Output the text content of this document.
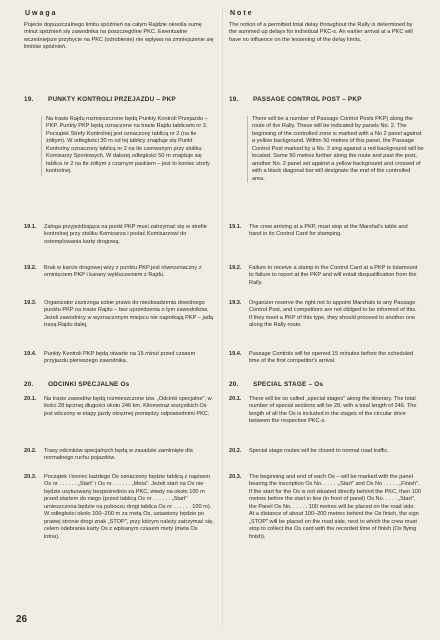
Uwaga

Pojecie dopuszczalnego limitu spóźnień na całym Rajdzie określa sumę minut spóźnień się zawodnika na poszczególne PKC. Ewentualne wcześniejsze przybycie na PKC (odrobienie) nie wpływa na zmniejszenie się limitów spóźnień.

19. PUNKTY KONTROLI PRZEJAZDU – PKP

Na trasie Rajdu rozmieszczone będą Punkty Kontroli Przejazdu – PKP. Punkty PKP będą oznaczone na trasie Rajdu tablicami nr 2. Początek Strefy Kontrolnej jest oznaczony tablicą nr 2 (na tle żółtym). W odległości 30 m od tej tablicy znajduje się Punkt Kontrolny oznaczony tablicą nr 2 na tle czerwonym przy stoliku Komisarzy Sportowych. W dalszej odległości 50 m znajduje się tablica nr 2 na tle żółtym z czarnym paskiem – jest to koniec strefy kontrolnej.

19.1.	Załoga przyjeżdżająca na punkt PKP musi zatrzymać się w strefie kontrolnej przy stoliku Komisarza i podać Komisarzowi do ostemplowania kartę drogową.
19.2.	Brak w karcie drogowej wizy z punktu PKP jest równoznaczny z ominięciem PKP i karany wykluczeniem z Rajdu.
19.3.	Organizator zastrzega sobie prawo do nieobsadzenia dowolnego punktu PKP na trasie Rajdu – bez uprzedzenia o tym zawodników. Jeżeli zawodnicy w wyznaczonym miejscu nie napotkają PKP – jadą trasą Rajdu dalej.
19.4.	Punkty Kontroli PKP będą otwarte na 15 minut przed czasem przyjazdu pierwszego zawodnika.
20. ODCINKI SPECJALNE Os
20.1.	Na trasie zawodów będą rozmieszczone tzw. „Odcinki specjalne", w ilości 28 łącznej długości około 246 km. Kilometraż wszystkich Os jest wliczony w etapy jazdy okrężnej pomiędzy odpowiednimi PKC.
20.2.	Trasy odcinków specjalnych będą w zasadzie zamknięte dla normalnego ruchu pojazdów.
20.3.	Początek i koniec każdego Os oznaczony będzie tablicą z napisem Os nr . . . . . . „Start" i Os nr . . . . . . „Meta". Jeżeli start na Os nie będzie usytuowany bezpośrednio za PKC, wtedy na około 100 m przed startem do niego (przed tablicą Os nr . . . . . . „Start" umieszczona będzie na poboczu drogi tablica Os nr . . . . . . 100 m). W odległości około 100–200 m za metą Os, ustawiony będzie po prawej stronie drogi znak „STOP", przy którym należy zatrzymać się, celem odebrania karty Os z wpisanym czasem mety (meta Os lotna).
Note

The notion of a permitted total delay throughout the Rally is determined by the summed up delays for individual PKC-s. An earlier arrival at a PKC will have no influence on the lessening of the delay limits.

19. PASSAGE CONTROL POST – PKP

There will be a number of Passage Control Posts PKP) along the route of the Rally. These will be indicated by panels No. 2. The beginning of the controlled zone is marked with a No 2 panel against a yellow background. Within 50 metres of this panel, the Passage Control Post marked by a No. 2 sing against a red background will be located. Some 50 metres further along the route and past the post, another No. 2 panel set against a yellow background and crossed of with a black diagonal bar will designate the end of the controlled area.

19.1.	The crew arriving at a PKP, must stop at the Marshal's table and hand in its Control Card for stamping.
19.2.	Failure to receive a stamp in the Control Card at a PKP is totamount to failure to report at the PKP and will entail disqualification from the Rally.
19.3.	Organizer reserve the right not to appoint Marshals to any Passage Control Post, and competitors are not obliged to be informed of this. If they meet a PKP of this type, they should proceed to another one along the Rally route.
19.4.	Passage Controls will be opened 15 minutes before the scheduled time of the first competitor's arrival.
20. SPECIAL STAGE – Os
20.1.	There will be so called „special stages" along the itinerary. The total number of special sections will be 28, with a total length of 246. The length of all the Os is included in the stages of the circular drive between the respective PKC-s.
20.2.	Special stage routes will be closed to normal road traffic.
20.3.	The beginning and end of each Os – will be marked with the panel bearing the inscription Os No. . . . . .„Start" and Os No . . . . . „Finish". If the start for the Os is not situated directly behind the PKC, then 100 metres before the start in line (in front of panel) Os No. . . . . „Start", the Panel Os No. . . . . . 100 metres will be placed on the road side. At a distance of about 100–200 metres behind the Os finish, the sign „STOP" will be placed on the road side, next to which the crew must stop to collect the Os card with the recorded time of finish (Os flying finish).
26
